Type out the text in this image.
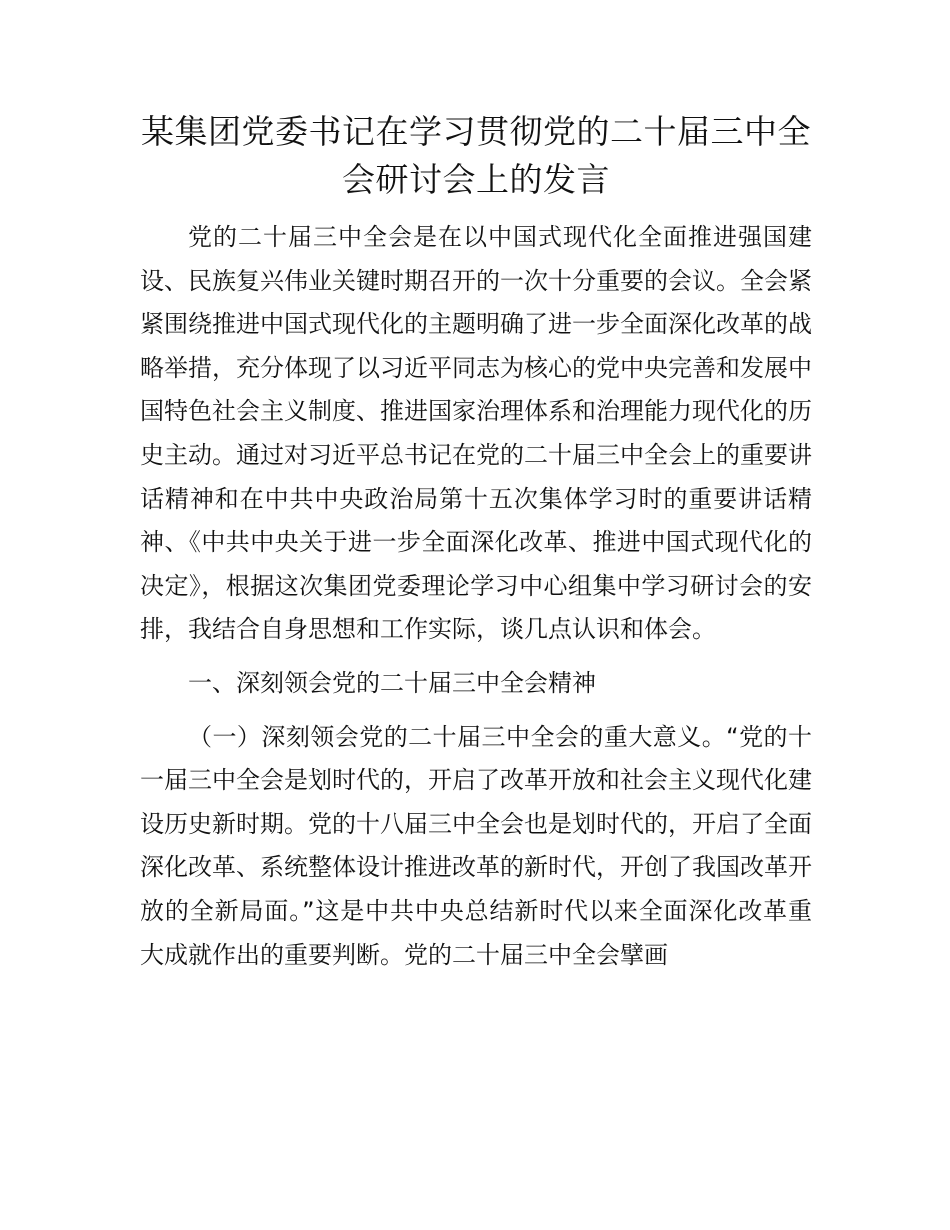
某集团党委书记在学习贯彻党的二十届三中全会研讨会上的发言

党的二十届三中全会是在以中国式现代化全面推进强国建设、民族复兴伟业关键时期召开的一次十分重要的会议。全会紧紧围绕推进中国式现代化的主题明确了进一步全面深化改革的战略举措，充分体现了以习近平同志为核心的党中央完善和发展中国特色社会主义制度、推进国家治理体系和治理能力现代化的历史主动。通过对习近平总书记在党的二十届三中全会上的重要讲话精神和在中共中央政治局第十五次集体学习时的重要讲话精神、《中共中央关于进一步全面深化改革、推进中国式现代化的决定》，根据这次集团党委理论学习中心组集中学习研讨会的安排，我结合自身思想和工作实际，谈几点认识和体会。

一、深刻领会党的二十届三中全会精神

（一）深刻领会党的二十届三中全会的重大意义。“党的十一届三中全会是划时代的，开启了改革开放和社会主义现代化建设历史新时期。党的十八届三中全会也是划时代的，开启了全面深化改革、系统整体设计推进改革的新时代，开创了我国改革开放的全新局面。”这是中共中央总结新时代以来全面深化改革重大成就作出的重要判断。党的二十届三中全会擘画
